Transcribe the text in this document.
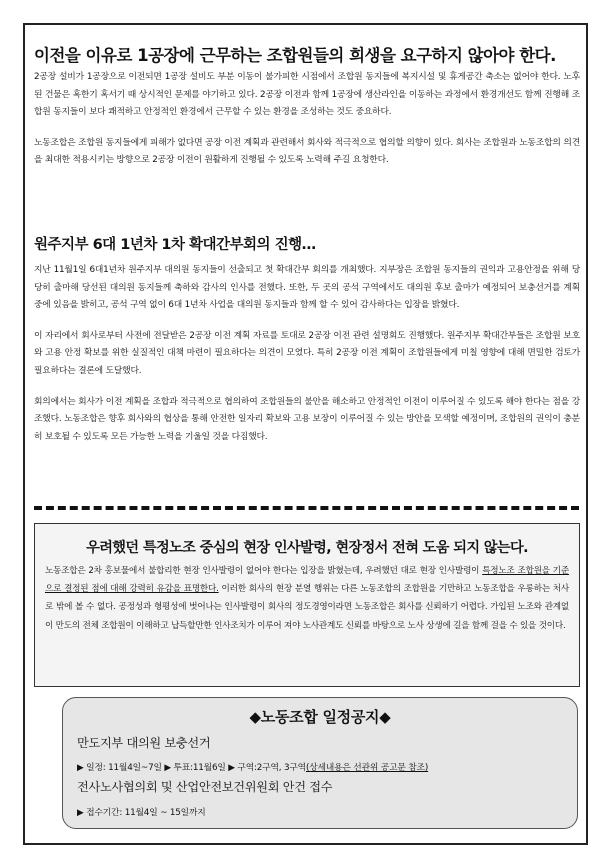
이전을 이유로 1공장에 근무하는 조합원들의 희생을 요구하지 않아야 한다.

2공장 설비가 1공장으로 이전되면 1공장 설비도 부분 이동이 불가피한 시점에서 조합원 동지들에 복지시설 및 휴게공간 축소는 없어야 한다. 노후 된 건물은 혹한기 혹서기 때 상시적인 문제를 야기하고 있다. 2공장 이전과 함께 1공장에 생산라인을 이동하는 과정에서 환경개선도 함께 진행해 조합원 동지들이 보다 쾌적하고 안정적인 환경에서 근무할 수 있는 환경을 조성하는 것도 중요하다.

노동조합은 조합원 동지들에게 피해가 없다면 공장 이전 계획과 관련해서 회사와 적극적으로 협의할 의향이 있다. 회사는 조합원과 노동조합의 의견을 최대한 적용시키는 방향으로 2공장 이전이 원활하게 진행될 수 있도록 노력해 주길 요청한다.

원주지부 6대 1년차 1차 확대간부회의 진행…

지난 11월1일 6대1년차 원주지부 대의원 동지들이 선출되고 첫 확대간부 회의를 개최했다. 지부장은 조합원 동지들의 권익과 고용안정을 위해 당당히 출마해 당선된 대의원 동지들께 축하와 감사의 인사를 전했다. 또한, 두 곳의 공석 구역에서도 대의원 후보 출마가 예정되어 보충선거를 계획 중에 있음을 밝히고, 공석 구역 없이 6대 1년차 사업을 대의원 동지들과 함께 할 수 있어 감사하다는 입장을 밝혔다.

이 자리에서 회사로부터 사전에 전달받은 2공장 이전 계획 자료를 토대로 2공장 이전 관련 설명회도 진행했다. 원주지부 확대간부들은 조합원 보호와 고용 안정 확보를 위한 실질적인 대책 마련이 필요하다는 의견이 모였다. 특히 2공장 이전 계획이 조합원들에게 미칠 영향에 대해 면밀한 검토가 필요하다는 결론에 도달했다.

회의에서는 회사가 이전 계획을 조합과 적극적으로 협의하여 조합원들의 불안을 해소하고 안정적인 이전이 이루어질 수 있도록 해야 한다는 점을 강조했다. 노동조합은 향후 회사와의 협상을 통해 안전한 일자리 확보와 고용 보장이 이루어질 수 있는 방안을 모색할 예정이며, 조합원의 권익이 충분히 보호될 수 있도록 모든 가능한 노력을 기울일 것을 다짐했다.

우려했던 특정노조 중심의 현장 인사발령, 현장정서 전혀 도움 되지 않는다.

노동조합은 2차 홍보물에서 불합리한 현장 인사발령이 없어야 한다는 입장을 밝혔는데, 우려했던 대로 현장 인사발령이 특정노조 조합원을 기준으로 결정된 점에 대해 강력히 유감을 표명한다. 이러한 회사의 현장 분열 행위는 다른 노동조합의 조합원을 기만하고 노동조합을 우롱하는 처사로 밖에 볼 수 없다. 공정성과 형평성에 벗어나는 인사발령이 회사의 정도경영이라면 노동조합은 회사를 신뢰하기 어렵다. 가입된 노조와 관계없이 만도의 전체 조합원이 이해하고 납득할만한 인사조치가 이루어 져야 노사관계도 신뢰를 바탕으로 노사 상생에 길을 함께 걸을 수 있을 것이다.

◆노동조합 일정공지◆
만도지부 대의원 보충선거
▶ 일정: 11월4일~7일 ▶ 투표:11월6일 ▶ 구역:2구역, 3구역(상세내용은 선관위 공고문 참조)
전사노사협의회 및 산업안전보건위원회 안건 접수
▶ 접수기간: 11월4일 ~ 15일까지
